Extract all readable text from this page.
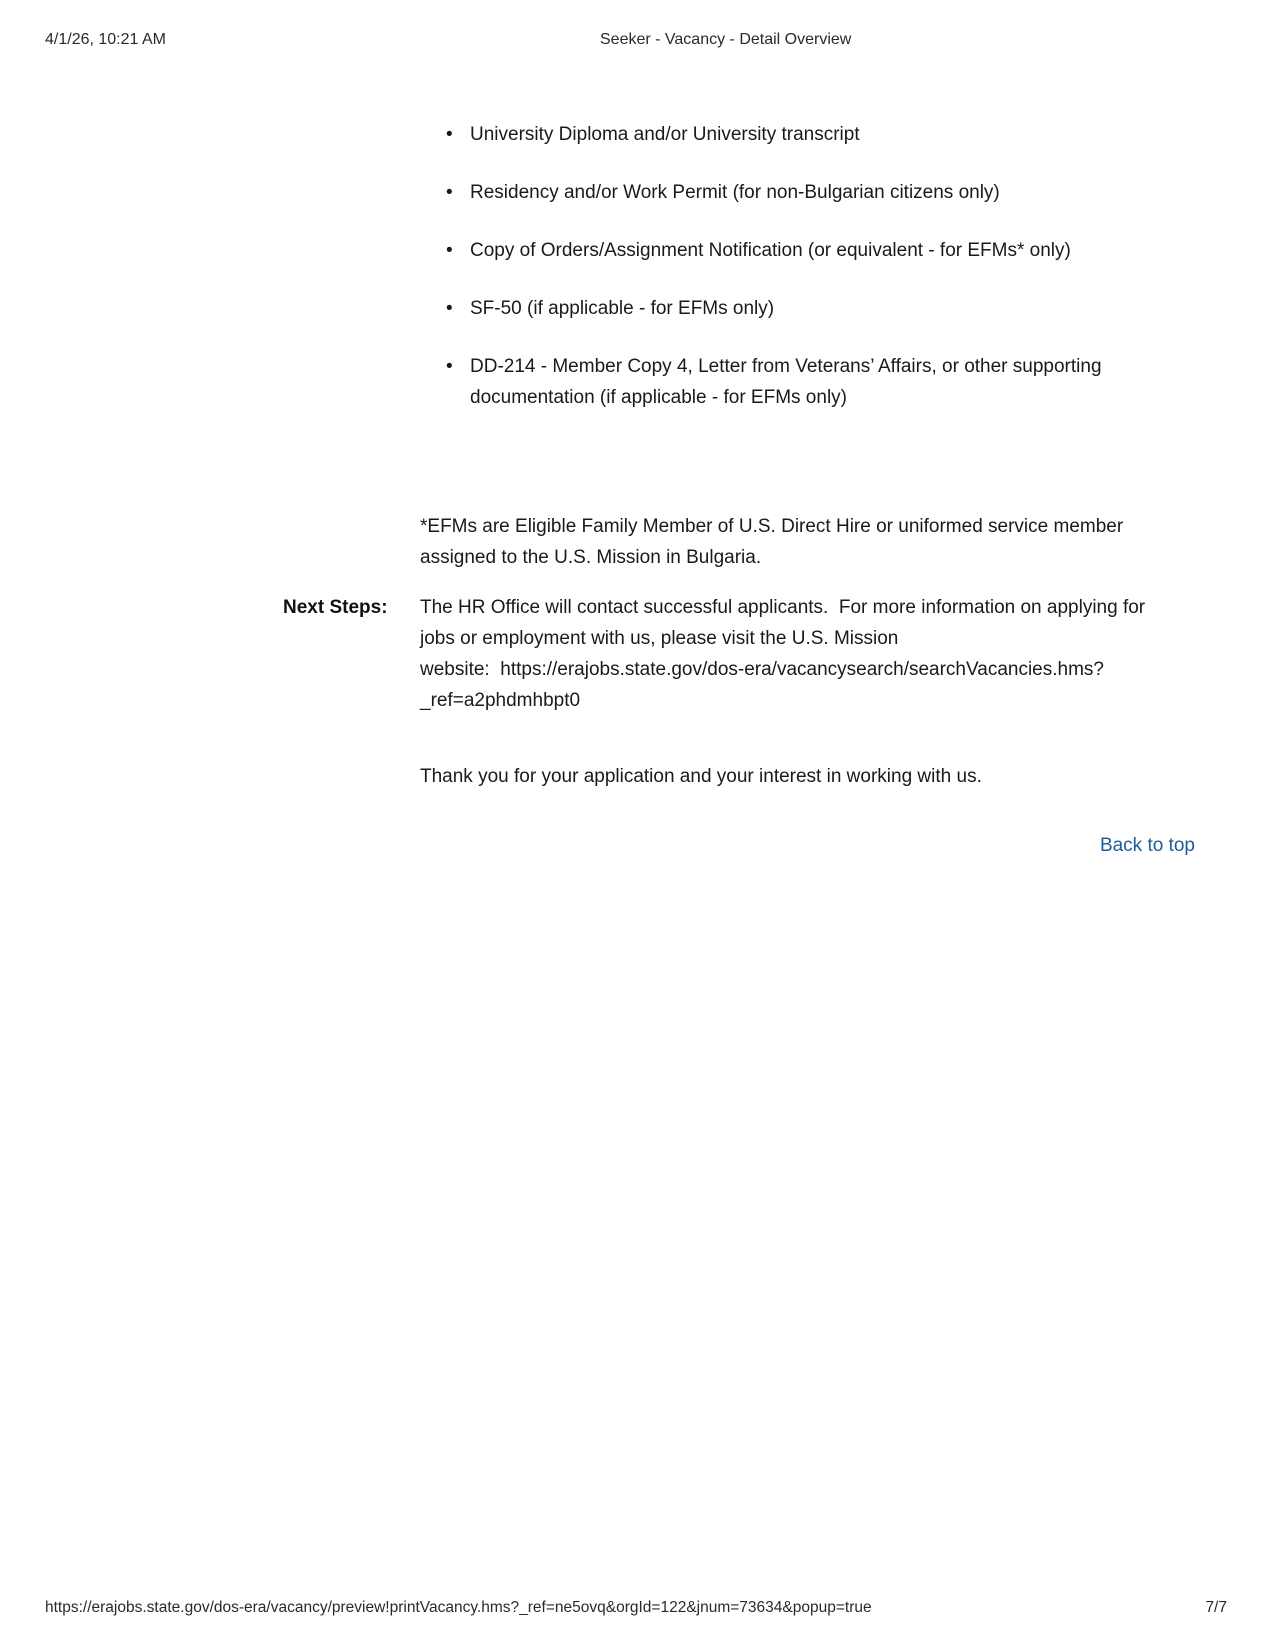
4/1/26, 10:21 AM	Seeker - Vacancy - Detail Overview
• University Diploma and/or University transcript
• Residency and/or Work Permit (for non-Bulgarian citizens only)
• Copy of Orders/Assignment Notification (or equivalent - for EFMs* only)
• SF-50 (if applicable - for EFMs only)
• DD-214 - Member Copy 4, Letter from Veterans’ Affairs, or other supporting
documentation (if applicable - for EFMs only)
*EFMs are Eligible Family Member of U.S. Direct Hire or uniformed service member
assigned to the U.S. Mission in Bulgaria.
Next Steps: The HR Office will contact successful applicants.  For more information on applying for
jobs or employment with us, please visit the U.S. Mission
website:  https://erajobs.state.gov/dos-era/vacancysearch/searchVacancies.hms?
_ref=a2phdmhbpt0
Thank you for your application and your interest in working with us.
Back to top
https://erajobs.state.gov/dos-era/vacancy/preview!printVacancy.hms?_ref=ne5ovq&orgId=122&jnum=73634&popup=true	7/7
